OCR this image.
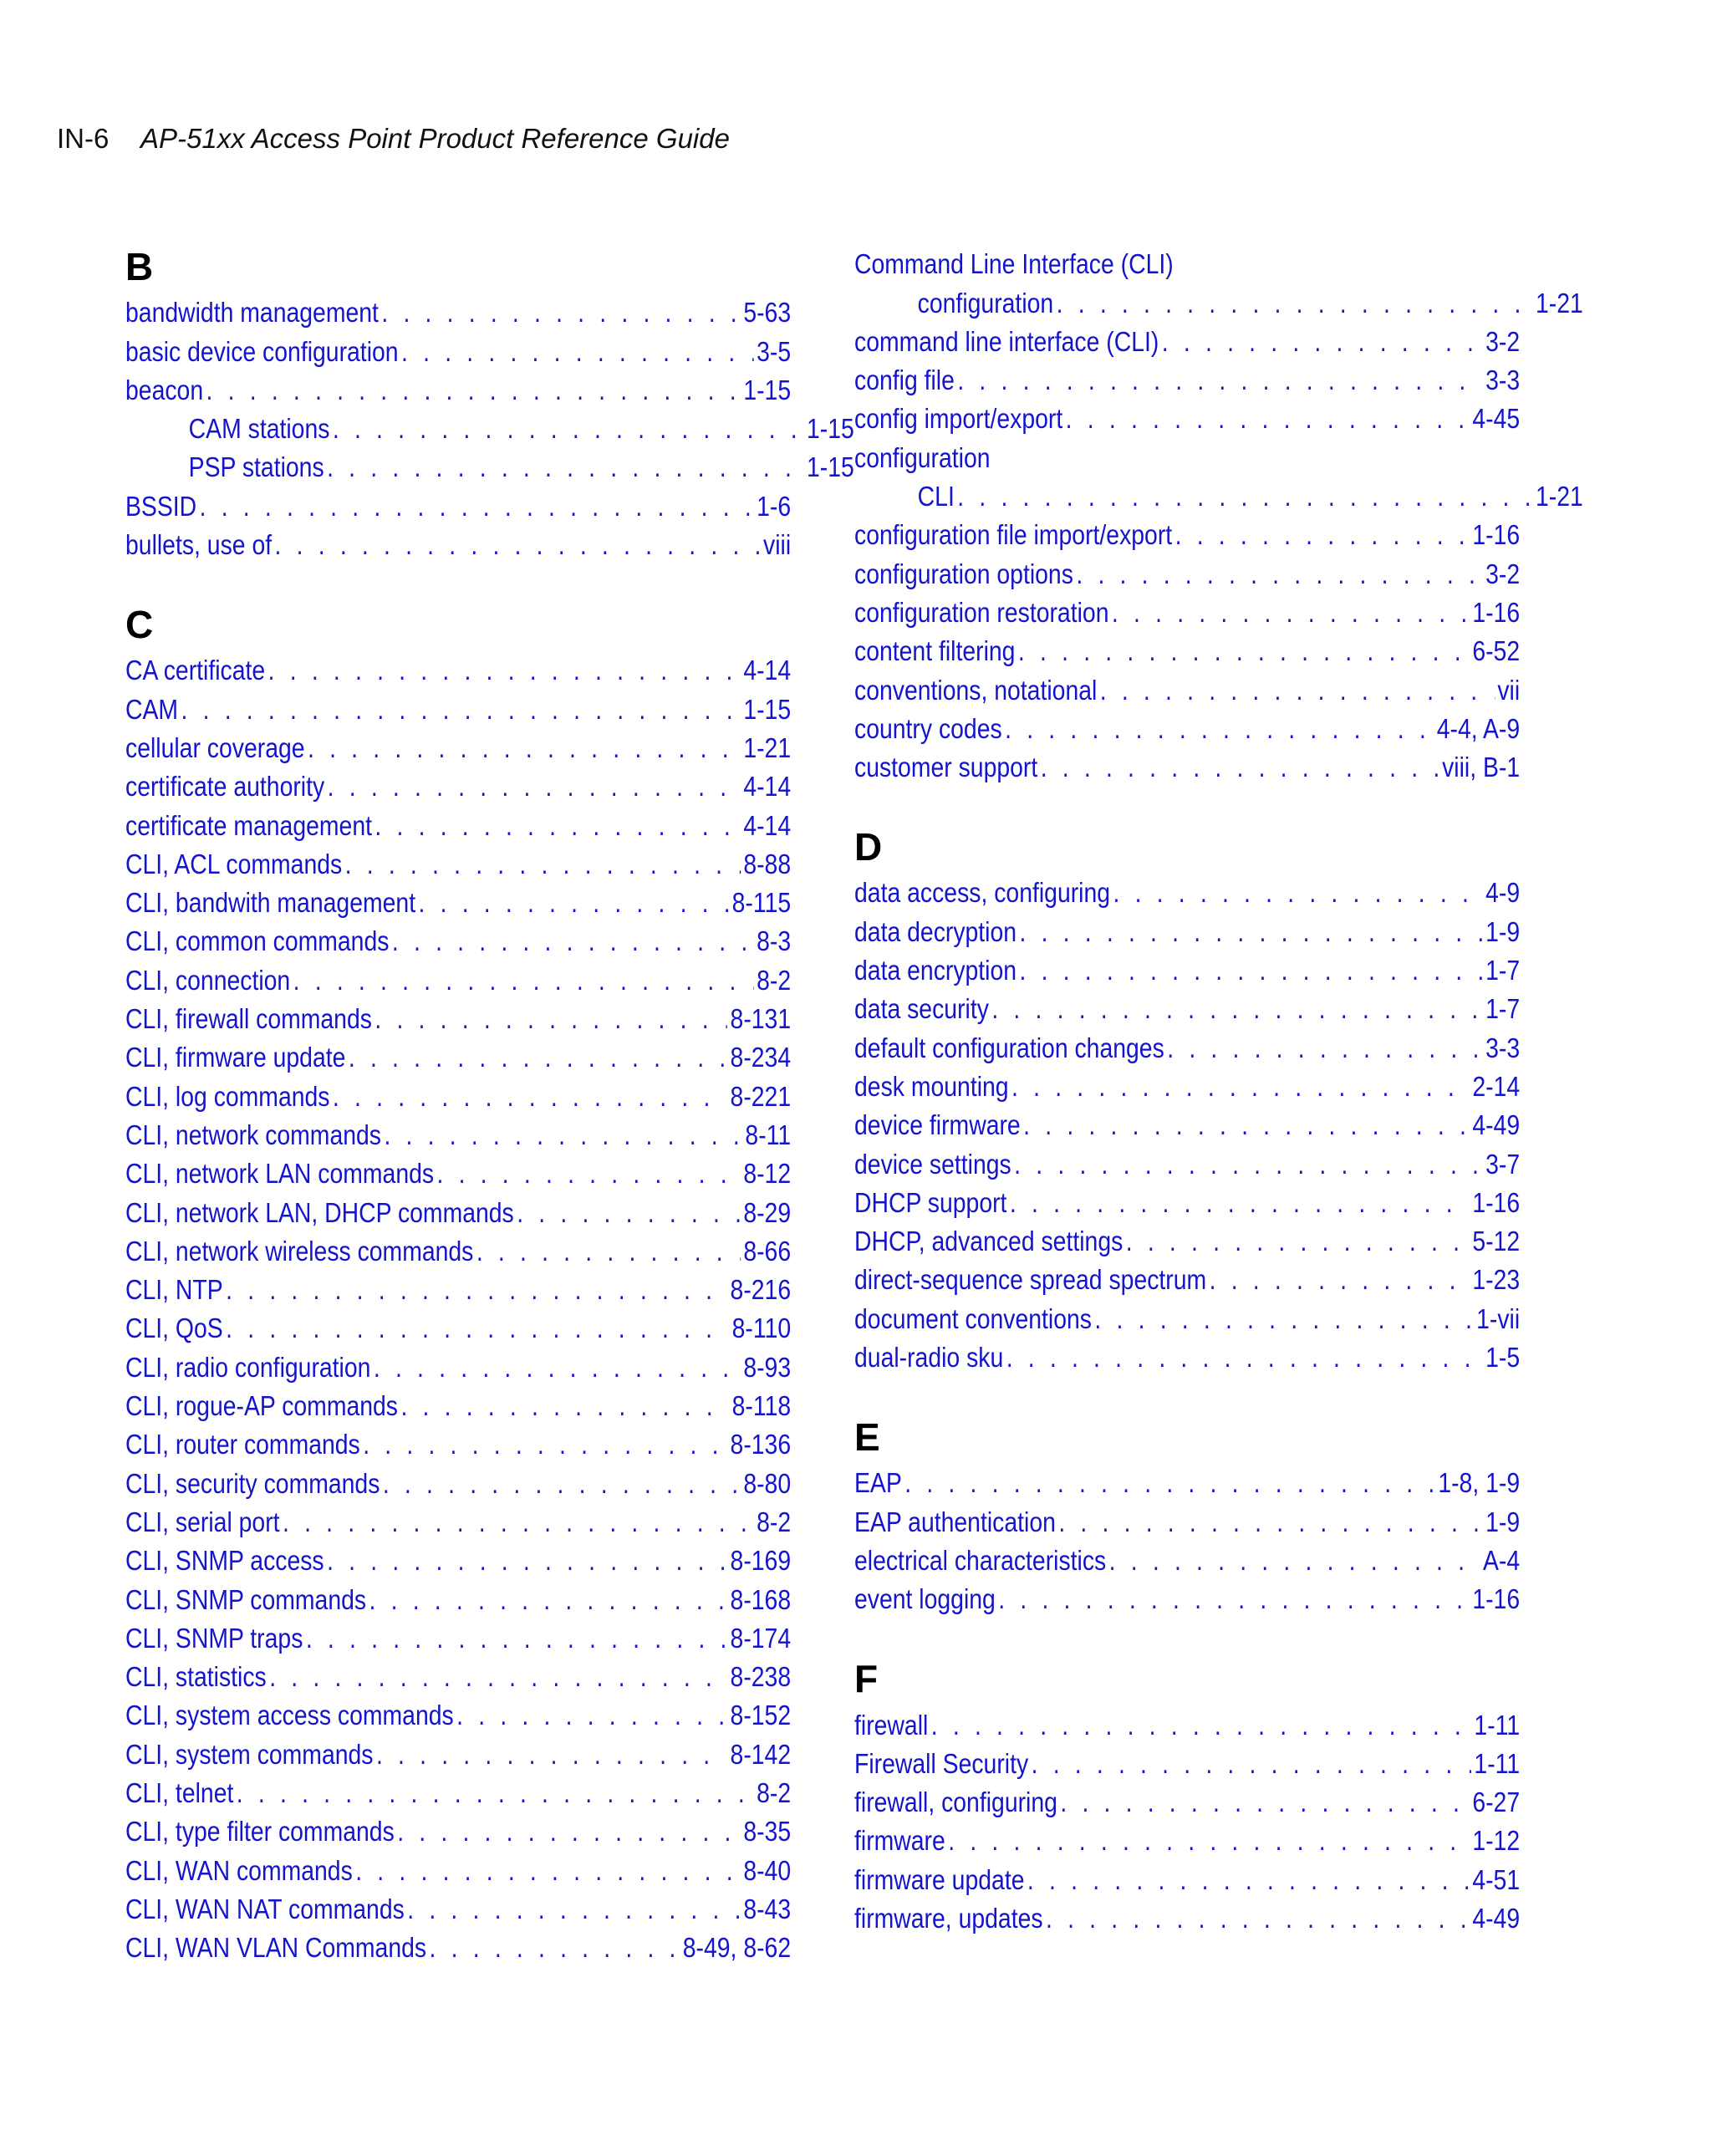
IN-6 AP-51xx Access Point Product Reference Guide
B
bandwidth management . . .	5-63
basic device configuration . . .	3-5
beacon . . .	1-15
CAM stations . . .	1-15
PSP stations . . .	1-15
BSSID . . .	1-6
bullets, use of . . .	viii
C
CA certificate . . .	4-14
CAM . . .	1-15
cellular coverage . . .	1-21
certificate authority . . .	4-14
certificate management . . .	4-14
CLI, ACL commands . . .	8-88
CLI, bandwith management . . .	8-115
CLI, common commands . . .	8-3
CLI, connection . . .	8-2
CLI, firewall commands . . .	8-131
CLI, firmware update . . .	8-234
CLI, log commands . . .	8-221
CLI, network commands . . .	8-11
CLI, network LAN commands . . .	8-12
CLI, network LAN, DHCP commands . . .	8-29
CLI, network wireless commands . . .	8-66
CLI, NTP . . .	8-216
CLI, QoS . . .	8-110
CLI, radio configuration . . .	8-93
CLI, rogue-AP commands . . .	8-118
CLI, router commands . . .	8-136
CLI, security commands . . .	8-80
CLI, serial port . . .	8-2
CLI, SNMP access . . .	8-169
CLI, SNMP commands . . .	8-168
CLI, SNMP traps . . .	8-174
CLI, statistics . . .	8-238
CLI, system access commands . . .	8-152
CLI, system commands . . .	8-142
CLI, telnet . . .	8-2
CLI, type filter commands . . .	8-35
CLI, WAN commands . . .	8-40
CLI, WAN NAT commands . . .	8-43
CLI, WAN VLAN Commands . . .	8-49, 8-62
Command Line Interface (CLI)
configuration . . .	1-21
command line interface (CLI) . . .	3-2
config file . . .	3-3
config import/export . . .	4-45
configuration
CLI . . .	1-21
configuration file import/export . . .	1-16
configuration options . . .	3-2
configuration restoration . . .	1-16
content filtering . . .	6-52
conventions, notational . . .	vii
country codes . . .	4-4, A-9
customer support . . .	viii, B-1
D
data access, configuring . . .	4-9
data decryption . . .	1-9
data encryption . . .	1-7
data security . . .	1-7
default configuration changes . . .	3-3
desk mounting . . .	2-14
device firmware . . .	4-49
device settings . . .	3-7
DHCP support . . .	1-16
DHCP, advanced settings . . .	5-12
direct-sequence spread spectrum . . .	1-23
document conventions . . .	1-vii
dual-radio sku . . .	1-5
E
EAP . . .	1-8, 1-9
EAP authentication . . .	1-9
electrical characteristics . . .	A-4
event logging . . .	1-16
F
firewall . . .	1-11
Firewall Security . . .	1-11
firewall, configuring . . .	6-27
firmware . . .	1-12
firmware update . . .	4-51
firmware, updates . . .	4-49
